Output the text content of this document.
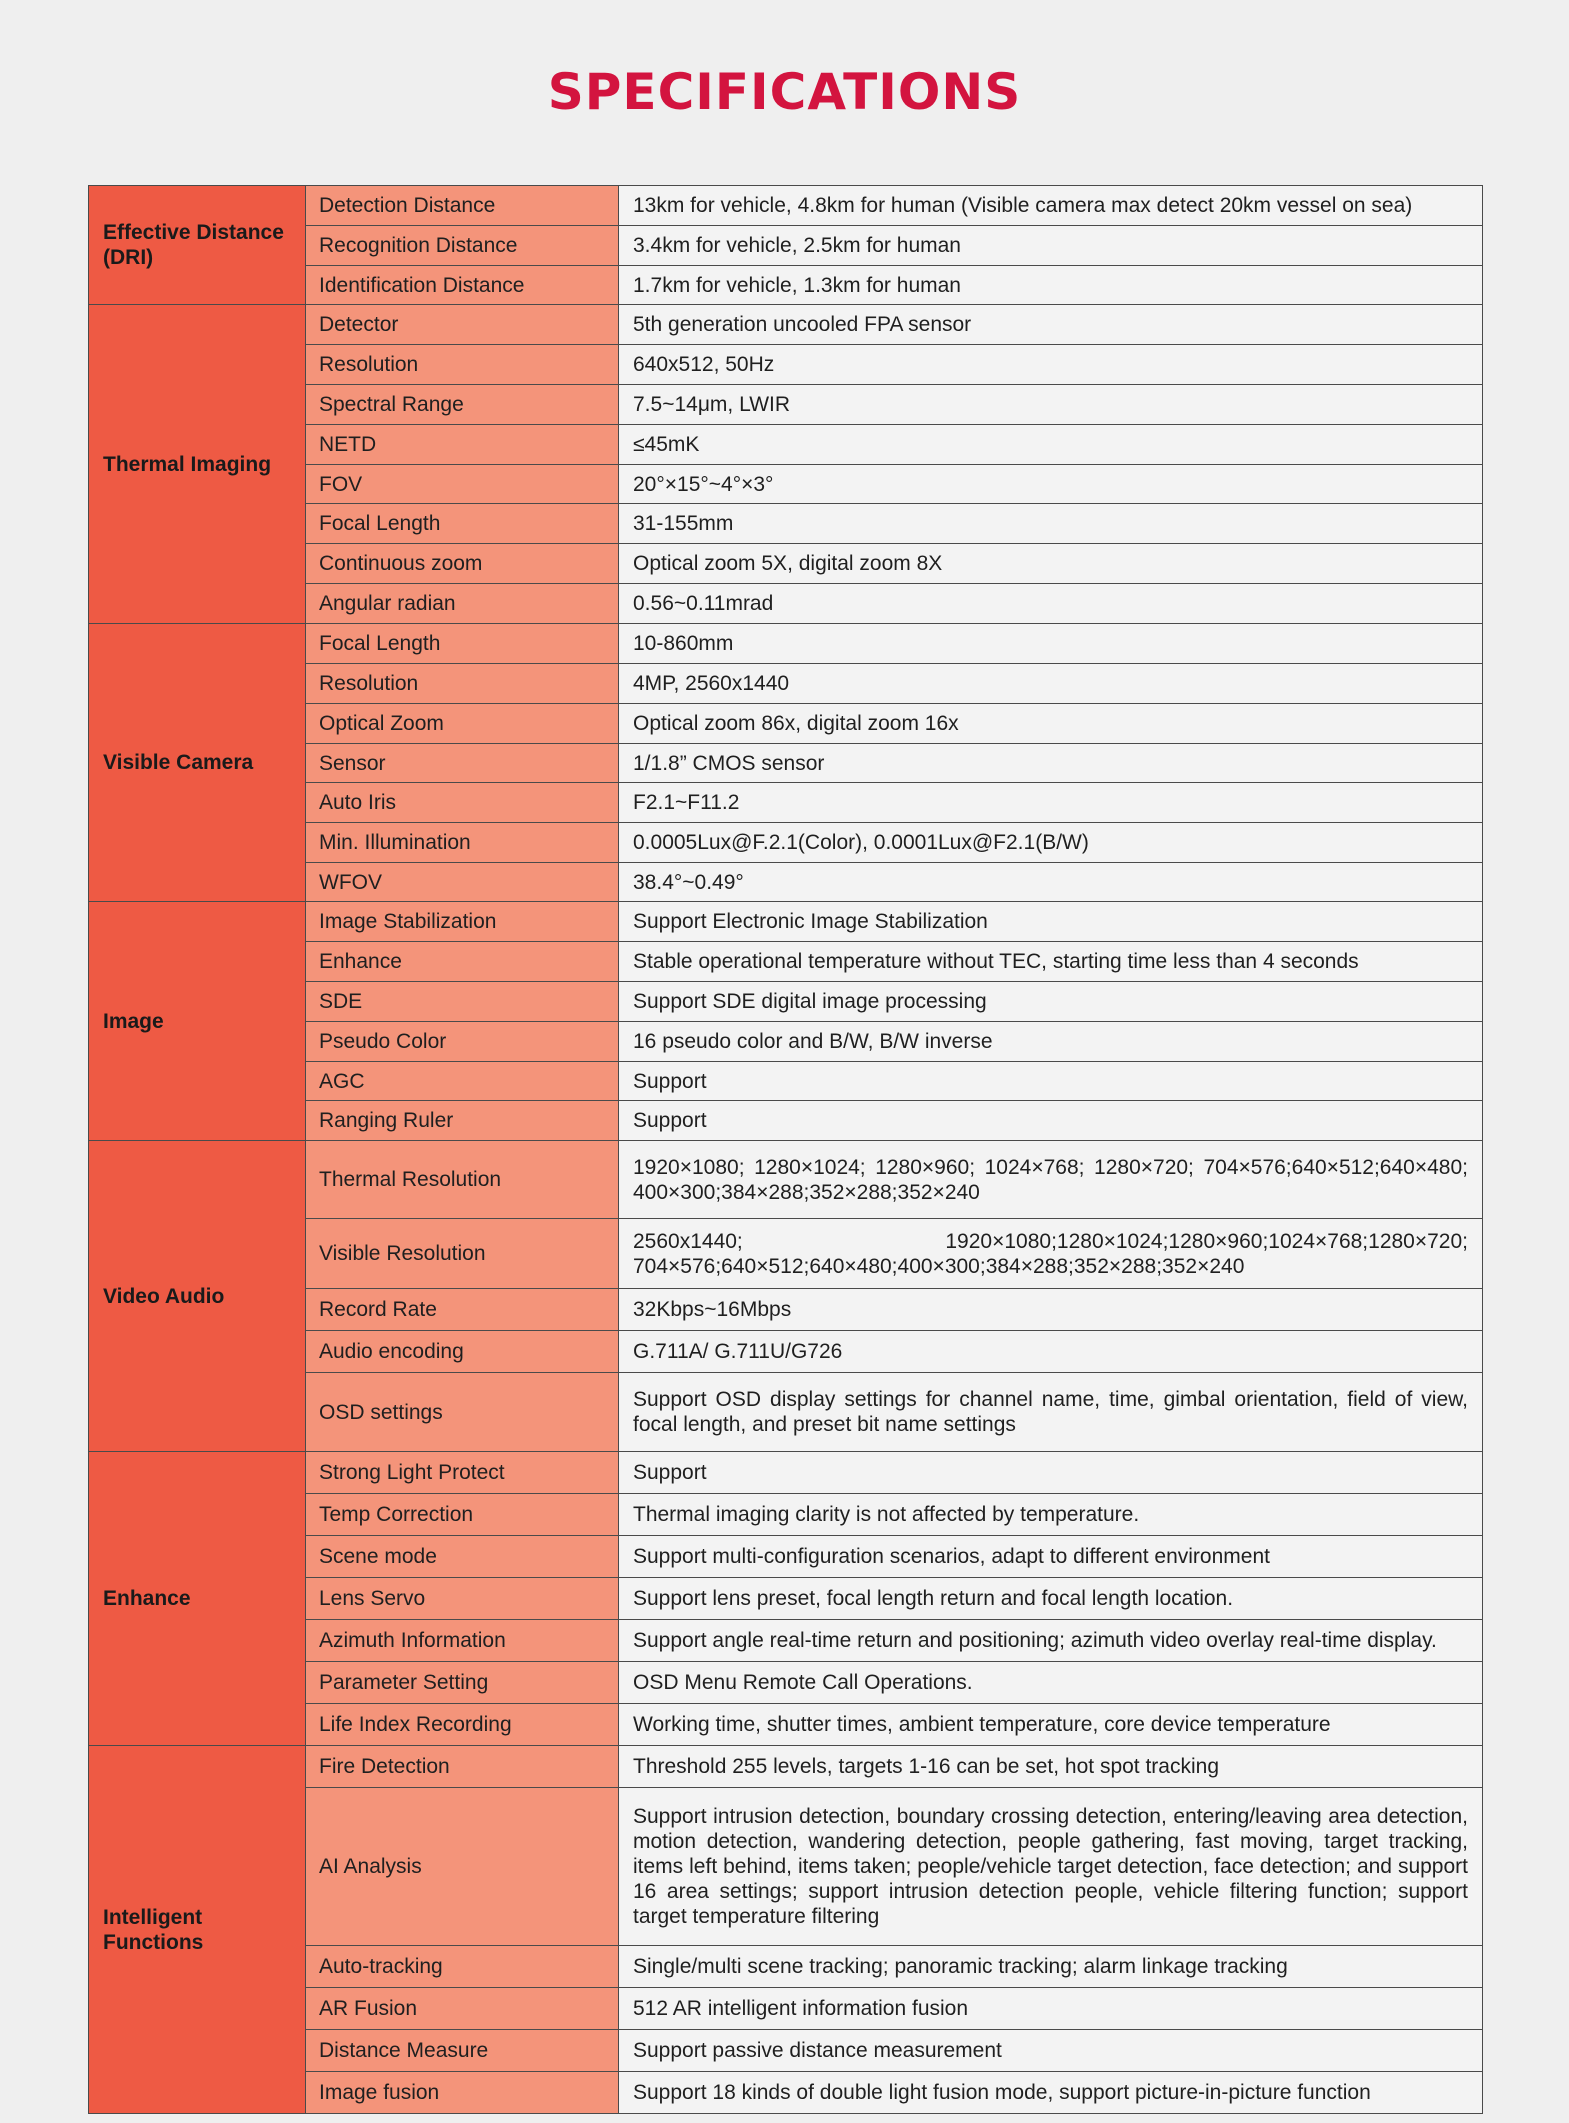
SPECIFICATIONS
Effective Distance (DRI)	Detection Distance	13km for vehicle, 4.8km for human (Visible camera max detect 20km vessel on sea)
	Recognition Distance	3.4km for vehicle, 2.5km for human
	Identification Distance	1.7km for vehicle, 1.3km for human
Thermal Imaging	Detector	5th generation uncooled FPA sensor
	Resolution	640x512, 50Hz
	Spectral Range	7.5~14μm, LWIR
	NETD	≤45mK
	FOV	20°×15°~4°×3°
	Focal Length	31-155mm
	Continuous zoom	Optical zoom 5X, digital zoom 8X
	Angular radian	0.56~0.11mrad
Visible Camera	Focal Length	10-860mm
	Resolution	4MP, 2560x1440
	Optical Zoom	Optical zoom 86x, digital zoom 16x
	Sensor	1/1.8” CMOS sensor
	Auto Iris	F2.1~F11.2
	Min. Illumination	0.0005Lux@F.2.1(Color), 0.0001Lux@F2.1(B/W)
	WFOV	38.4°~0.49°
Image	Image Stabilization	Support Electronic Image Stabilization
	Enhance	Stable operational temperature without TEC, starting time less than 4 seconds
	SDE	Support SDE digital image processing
	Pseudo Color	16 pseudo color and B/W, B/W inverse
	AGC	Support
	Ranging Ruler	Support
Video Audio	Thermal Resolution	1920×1080; 1280×1024; 1280×960; 1024×768; 1280×720; 704×576;640×512;640×480; 400×300;384×288;352×288;352×240
	Visible Resolution	2560x1440; 1920×1080;1280×1024;1280×960;1024×768;1280×720; 704×576;640×512;640×480;400×300;384×288;352×288;352×240
	Record Rate	32Kbps~16Mbps
	Audio encoding	G.711A/ G.711U/G726
	OSD settings	Support OSD display settings for channel name, time, gimbal orientation, field of view, focal length, and preset bit name settings
Enhance	Strong Light Protect	Support
	Temp Correction	Thermal imaging clarity is not affected by temperature.
	Scene mode	Support multi-configuration scenarios, adapt to different environment
	Lens Servo	Support lens preset, focal length return and focal length location.
	Azimuth Information	Support angle real-time return and positioning; azimuth video overlay real-time display.
	Parameter Setting	OSD Menu Remote Call Operations.
	Life Index Recording	Working time, shutter times, ambient temperature, core device temperature
Intelligent Functions	Fire Detection	Threshold 255 levels, targets 1-16 can be set, hot spot tracking
	AI Analysis	Support intrusion detection, boundary crossing detection, entering/leaving area detection, motion detection, wandering detection, people gathering, fast moving, target tracking, items left behind, items taken; people/vehicle target detection, face detection; and support 16 area settings; support intrusion detection people, vehicle filtering function; support target temperature filtering
	Auto-tracking	Single/multi scene tracking; panoramic tracking; alarm linkage tracking
	AR Fusion	512 AR intelligent information fusion
	Distance Measure	Support passive distance measurement
	Image fusion	Support 18 kinds of double light fusion mode, support picture-in-picture function
